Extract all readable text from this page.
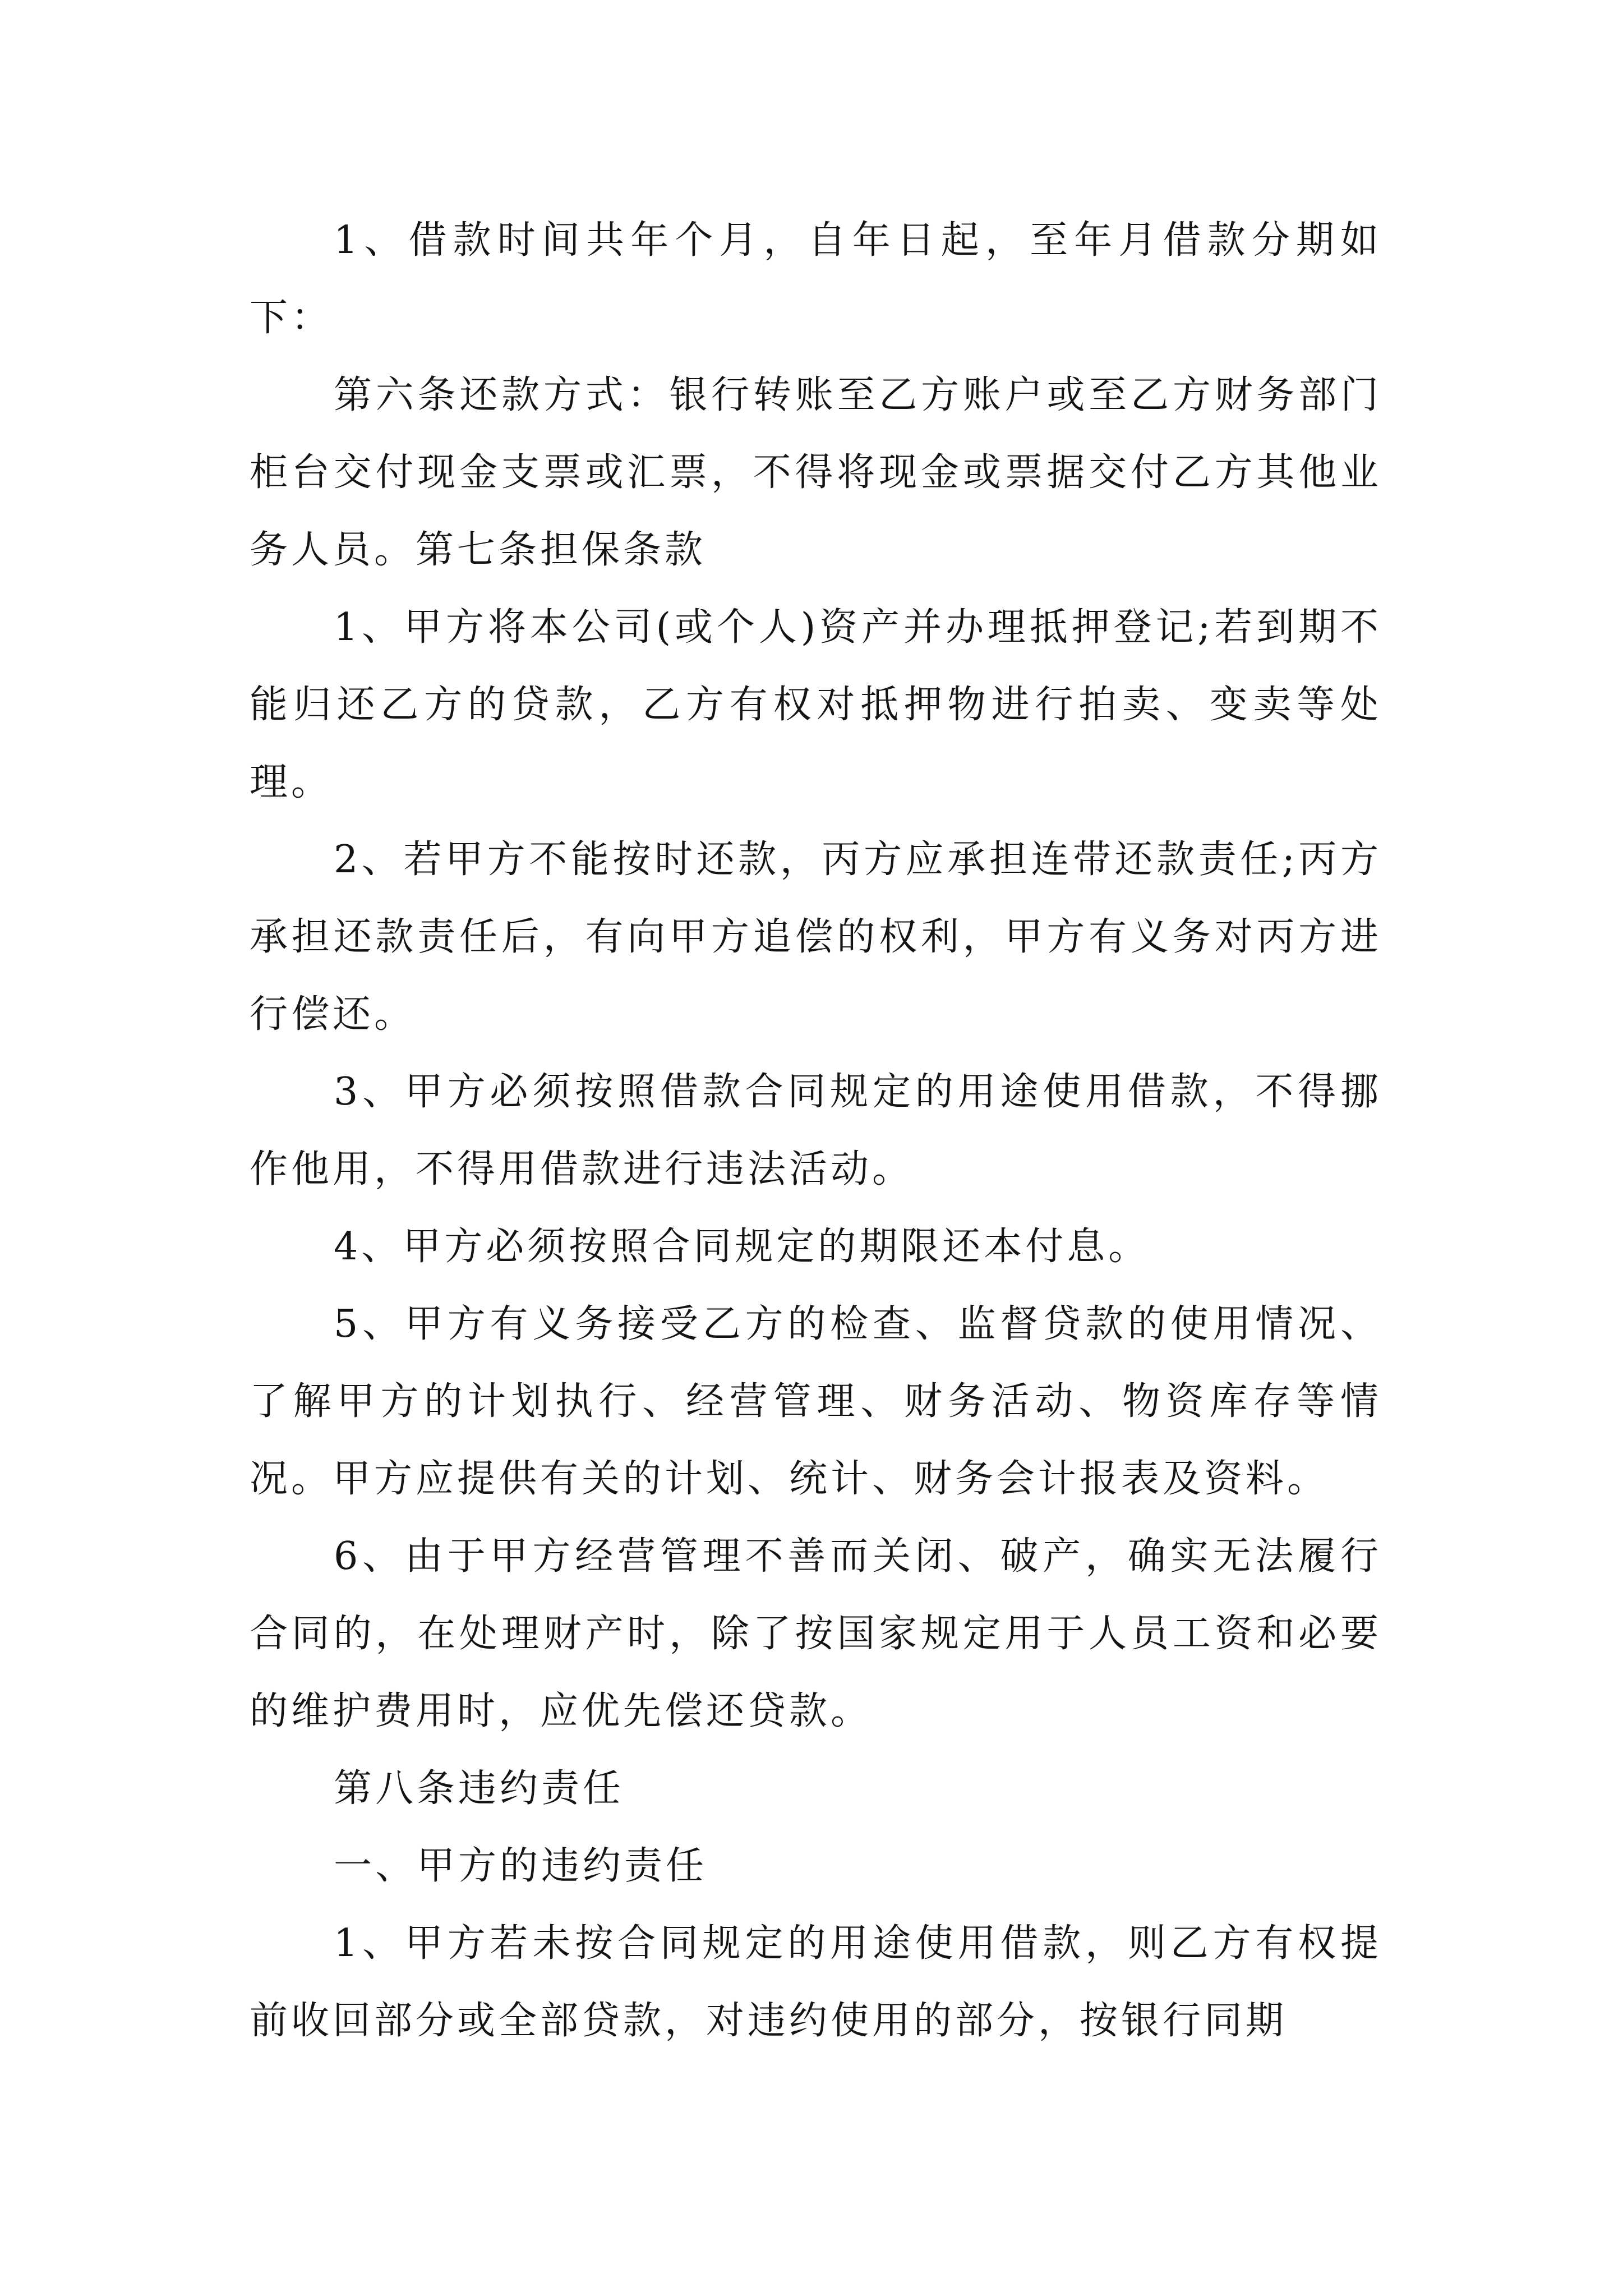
1、借款时间共年个月，自年日起，至年月借款分期如下：

第六条还款方式：银行转账至乙方账户或至乙方财务部门柜台交付现金支票或汇票，不得将现金或票据交付乙方其他业务人员。第七条担保条款

1、甲方将本公司(或个人)资产并办理抵押登记;若到期不能归还乙方的贷款，乙方有权对抵押物进行拍卖、变卖等处理。

2、若甲方不能按时还款，丙方应承担连带还款责任;丙方承担还款责任后，有向甲方追偿的权利，甲方有义务对丙方进行偿还。

3、甲方必须按照借款合同规定的用途使用借款，不得挪作他用，不得用借款进行违法活动。

4、甲方必须按照合同规定的期限还本付息。

5、甲方有义务接受乙方的检查、监督贷款的使用情况、了解甲方的计划执行、经营管理、财务活动、物资库存等情况。甲方应提供有关的计划、统计、财务会计报表及资料。

6、由于甲方经营管理不善而关闭、破产，确实无法履行合同的，在处理财产时，除了按国家规定用于人员工资和必要的维护费用时，应优先偿还贷款。

第八条违约责任

一、甲方的违约责任

1、甲方若未按合同规定的用途使用借款，则乙方有权提前收回部分或全部贷款，对违约使用的部分，按银行同期
